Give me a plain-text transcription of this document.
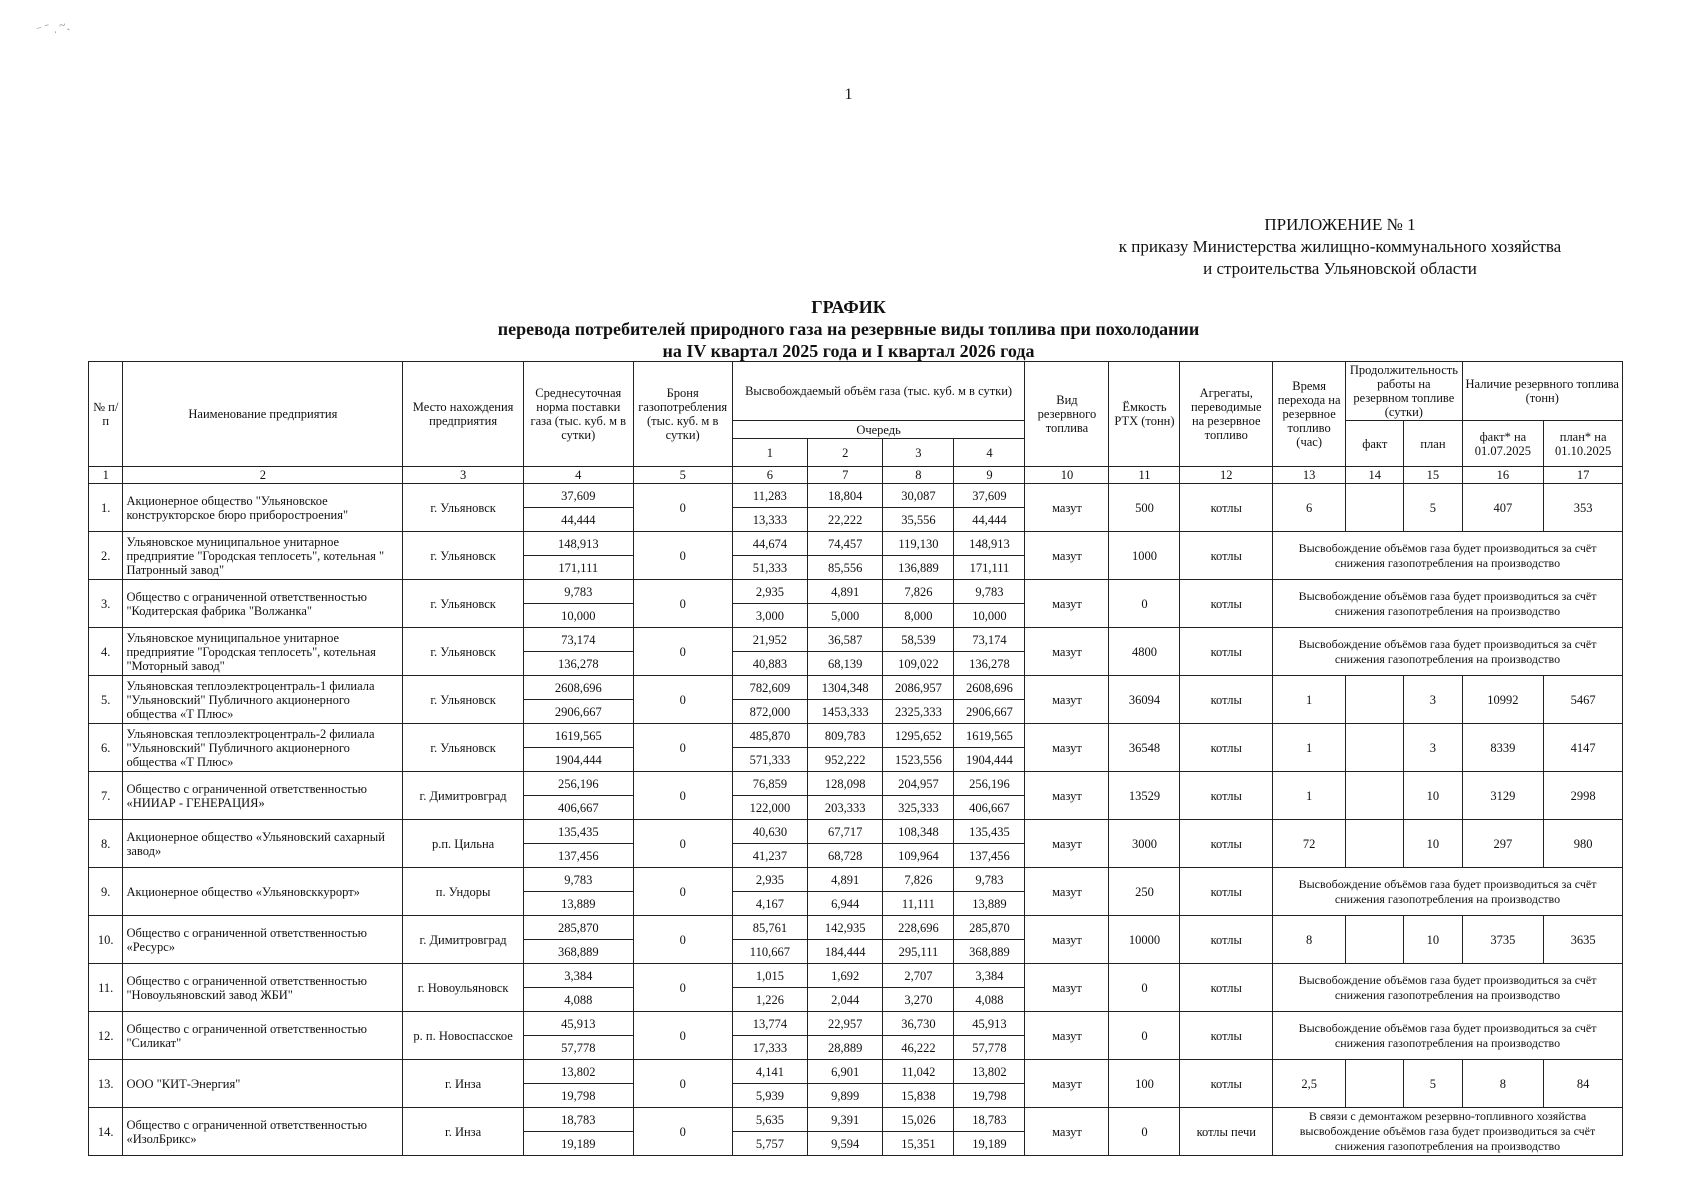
⁻ ˉ ˌ ~ˏ
1
ПРИЛОЖЕНИЕ № 1
к приказу Министерства жилищно-коммунального хозяйства
и строительства Ульяновской области
ГРАФИК
перевода потребителей природного газа на резервные виды топлива при похолодании
на IV квартал 2025 года и I квартал 2026 года
№ п/п	Наименование предприятия	Место нахождения предприятия	Среднесуточная норма поставки газа (тыс. куб. м в сутки)	Броня газопотребления (тыс. куб. м в сутки)	Высвобождаемый объём газа (тыс. куб. м в сутки)				Вид резервного топлива	Ёмкость РТХ (тонн)	Агрегаты, переводимые на резервное топливо	Время перехода на резервное топливо (час)	Продолжительность работы на резервном топливе (сутки)		Наличие резервного топлива (тонн)	
					Очередь								факт	план	факт* на 01.07.2025	план* на 01.10.2025
					1	2	3	4								
1	2	3	4	5	6	7	8	9	10	11	12	13	14	15	16	17
1.	Акционерное общество "Ульяновское конструкторское бюро приборостроения"	г. Ульяновск	37,609	0	11,283	18,804	30,087	37,609	мазут	500	котлы	6		5	407	353
			44,444		13,333	22,222	35,556	44,444								
2.	Ульяновское муниципальное унитарное предприятие "Городская теплосеть", котельная " Патронный завод"	г. Ульяновск	148,913	0	44,674	74,457	119,130	148,913	мазут	1000	котлы	Высвобождение объёмов газа будет производиться за счёт снижения газопотребления на производство				
			171,111		51,333	85,556	136,889	171,111								
3.	Общество с ограниченной ответственностью "Кодитерская фабрика "Волжанка"	г. Ульяновск	9,783	0	2,935	4,891	7,826	9,783	мазут	0	котлы	Высвобождение объёмов газа будет производиться за счёт снижения газопотребления на производство				
			10,000		3,000	5,000	8,000	10,000								
4.	Ульяновское муниципальное унитарное предприятие "Городская теплосеть", котельная "Моторный завод"	г. Ульяновск	73,174	0	21,952	36,587	58,539	73,174	мазут	4800	котлы	Высвобождение объёмов газа будет производиться за счёт снижения газопотребления на производство				
			136,278		40,883	68,139	109,022	136,278								
5.	Ульяновская теплоэлектроцентраль-1 филиала "Ульяновский" Публичного акционерного общества «Т Плюс»	г. Ульяновск	2608,696	0	782,609	1304,348	2086,957	2608,696	мазут	36094	котлы	1		3	10992	5467
			2906,667		872,000	1453,333	2325,333	2906,667								
6.	Ульяновская теплоэлектроцентраль-2 филиала "Ульяновский" Публичного акционерного общества «Т Плюс»	г. Ульяновск	1619,565	0	485,870	809,783	1295,652	1619,565	мазут	36548	котлы	1		3	8339	4147
			1904,444		571,333	952,222	1523,556	1904,444								
7.	Общество с ограниченной ответственностью «НИИАР - ГЕНЕРАЦИЯ»	г. Димитровград	256,196	0	76,859	128,098	204,957	256,196	мазут	13529	котлы	1		10	3129	2998
			406,667		122,000	203,333	325,333	406,667								
8.	Акционерное общество «Ульяновский сахарный завод»	р.п. Цильна	135,435	0	40,630	67,717	108,348	135,435	мазут	3000	котлы	72		10	297	980
			137,456		41,237	68,728	109,964	137,456								
9.	Акционерное общество «Ульяновсккурорт»	п. Ундоры	9,783	0	2,935	4,891	7,826	9,783	мазут	250	котлы	Высвобождение объёмов газа будет производиться за счёт снижения газопотребления на производство				
			13,889		4,167	6,944	11,111	13,889								
10.	Общество с ограниченной ответственностью «Ресурс»	г. Димитровград	285,870	0	85,761	142,935	228,696	285,870	мазут	10000	котлы	8		10	3735	3635
			368,889		110,667	184,444	295,111	368,889								
11.	Общество с ограниченной ответственностью "Новоульяновский завод ЖБИ"	г. Новоульяновск	3,384	0	1,015	1,692	2,707	3,384	мазут	0	котлы	Высвобождение объёмов газа будет производиться за счёт снижения газопотребления на производство				
			4,088		1,226	2,044	3,270	4,088								
12.	Общество с ограниченной ответственностью "Силикат"	р. п. Новоспасское	45,913	0	13,774	22,957	36,730	45,913	мазут	0	котлы	Высвобождение объёмов газа будет производиться за счёт снижения газопотребления на производство				
			57,778		17,333	28,889	46,222	57,778								
13.	ООО "КИТ-Энергия"	г. Инза	13,802	0	4,141	6,901	11,042	13,802	мазут	100	котлы	2,5		5	8	84
			19,798		5,939	9,899	15,838	19,798								
14.	Общество с ограниченной ответственностью «ИзолБрикс»	г. Инза	18,783	0	5,635	9,391	15,026	18,783	мазут	0	котлы печи	В связи с демонтажом резервно-топливного хозяйства высвобождение объёмов газа будет производиться за счёт снижения газопотребления на производство				
			19,189		5,757	9,594	15,351	19,189								
